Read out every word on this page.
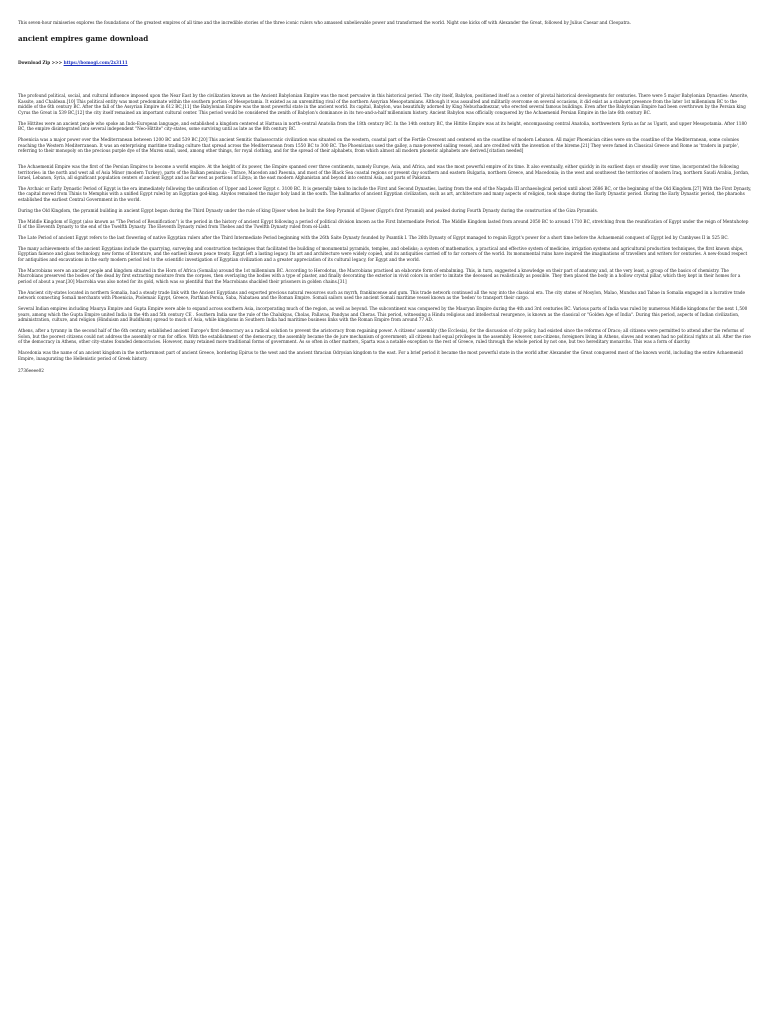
This seven-hour miniseries explores the foundations of the greatest empires of all time and the incredible stories of the three iconic rulers who amassed unbelievable power and transformed the world. Night one kicks off with Alexander the Great, followed by Julius Caesar and Cleopatra.

ancient empires game download

Download Zip >>> https://bomogi.com/2x3111

The profound political, social, and cultural influence imposed upon the Near East by the civilization known as the Ancient Babylonian Empire was the most pervasive in this historical period. The city itself, Babylon, positioned itself as a center of pivotal historical developments for centuries. There were 5 major Babylonian Dynasties: Amorite, Kassite, and Chaldean.[10] This political entity was most predominate within the southern portion of Mesopotamia. It existed as an unremitting rival of the northern Assyrian Mesopotamians. Although it was assaulted and militarily overcome on several occasions, it did exist as a stalwart presence from the later 1st millennium BC to the middle of the 6th century BC. After the fall of the Assyrian Empire in 612 BC,[11] the Babylonian Empire was the most powerful state in the ancient world. Its capital, Babylon, was beautifully adorned by King Nebuchadnezzar, who erected several famous buildings. Even after the Babylonian Empire had been overthrown by the Persian king Cyrus the Great in 539 BC,[12] the city itself remained an important cultural center. This period would be considered the zenith of Babylon's dominance in its two-and-a-half millennium history. Ancient Babylon was officially conquered by the Achaemenid Persian Empire in the late 6th century BC.

The Hittites were an ancient people who spoke an Indo-European language, and established a kingdom centered at Hattusa in north-central Anatolia from the 18th century BC. In the 14th century BC, the Hittite Empire was at its height, encompassing central Anatolia, northwestern Syria as far as Ugarit, and upper Mesopotamia. After 1180 BC, the empire disintegrated into several independent "Neo-Hittite" city-states, some surviving until as late as the 8th century BC.

Phoenicia was a major power over the Mediterranean between 1200 BC and 539 BC.[20] This ancient Semitic thalassocratic civilization was situated on the western, coastal part of the Fertile Crescent and centered on the coastline of modern Lebanon. All major Phoenician cities were on the coastline of the Mediterranean, some colonies reaching the Western Mediterranean. It was an enterprising maritime trading culture that spread across the Mediterranean from 1550 BC to 300 BC. The Phoenicians used the galley, a man-powered sailing vessel, and are credited with the invention of the bireme.[21] They were famed in Classical Greece and Rome as 'traders in purple', referring to their monopoly on the precious purple dye of the Murex snail, used, among other things, for royal clothing, and for the spread of their alphabets, from which almost all modern phonetic alphabets are derived.[citation needed]

The Achaemenid Empire was the first of the Persian Empires to become a world empire. At the height of its power, the Empire spanned over three continents, namely Europe, Asia, and Africa, and was the most powerful empire of its time. It also eventually, either quickly in its earliest days or steadily over time, incorporated the following territories: in the north and west all of Asia Minor (modern Turkey), parts of the Balkan peninsula - Thrace, Macedon and Paeonia, and most of the Black Sea coastal regions or present day southern and eastern Bulgaria, northern Greece, and Macedonia; in the west and southwest the territories of modern Iraq, northern Saudi Arabia, Jordan, Israel, Lebanon, Syria, all significant population centers of ancient Egypt and as far west as portions of Libya; in the east modern Afghanistan and beyond into central Asia, and parts of Pakistan.

The Archaic or Early Dynastic Period of Egypt is the era immediately following the unification of Upper and Lower Egypt c. 3100 BC. It is generally taken to include the First and Second Dynasties, lasting from the end of the Naqada III archaeological period until about 2686 BC, or the beginning of the Old Kingdom.[27] With the First Dynasty, the capital moved from Thinis to Memphis with a unified Egypt ruled by an Egyptian god-king. Abydos remained the major holy land in the south. The hallmarks of ancient Egyptian civilization, such as art, architecture and many aspects of religion, took shape during the Early Dynastic period. During the Early Dynastic period, the pharaohs established the earliest Central Government in the world.

During the Old Kingdom, the pyramid building in ancient Egypt began during the Third Dynasty under the rule of king Djoser when he built the Step Pyramid of Djoser (Egypt's first Pyramid) and peaked during Fourth Dynasty during the construction of the Giza Pyramids.

The Middle Kingdom of Egypt (also known as "The Period of Reunification") is the period in the history of ancient Egypt following a period of political division known as the First Intermediate Period. The Middle Kingdom lasted from around 2050 BC to around 1710 BC, stretching from the reunification of Egypt under the reign of Mentuhotep II of the Eleventh Dynasty to the end of the Twelfth Dynasty. The Eleventh Dynasty ruled from Thebes and the Twelfth Dynasty ruled from el-Lisht.

The Late Period of ancient Egypt refers to the last flowering of native Egyptian rulers after the Third Intermediate Period beginning with the 26th Saite Dynasty founded by Psamtik I. The 26th Dynasty of Egypt managed to regain Egypt's power for a short time before the Achaemenid conquest of Egypt led by Cambyses II in 525 BC.

The many achievements of the ancient Egyptians include the quarrying, surveying and construction techniques that facilitated the building of monumental pyramids, temples, and obelisks; a system of mathematics, a practical and effective system of medicine, irrigation systems and agricultural production techniques, the first known ships, Egyptian faience and glass technology, new forms of literature, and the earliest known peace treaty. Egypt left a lasting legacy. Its art and architecture were widely copied, and its antiquities carried off to far corners of the world. Its monumental ruins have inspired the imaginations of travellers and writers for centuries. A new-found respect for antiquities and excavations in the early modern period led to the scientific investigation of Egyptian civilization and a greater appreciation of its cultural legacy, for Egypt and the world.

The Macrobians were an ancient people and kingdom situated in the Horn of Africa (Somalia) around the 1st millennium BC. According to Herodotus, the Macrobians practised an elaborate form of embalming. This, in turn, suggested a knowledge on their part of anatomy and, at the very least, a group of the basics of chemistry. The Macrobians preserved the bodies of the dead by first extracting moisture from the corpses, then overlaying the bodies with a type of plaster, and finally decorating the exterior in vivid colors in order to imitate the deceased as realistically as possible. They then placed the body in a hollow crystal pillar, which they kept in their homes for a period of about a year.[30] Macrobia was also noted for its gold, which was so plentiful that the Macrobians shackled their prisoners in golden chains.[31]

The Ancient city-states located in northern Somalia, had a steady trade link with the Ancient Egyptians and exported precious natural resources such as myrrh, frankincense and gum. This trade network continued all the way into the classical era. The city states of Mosylon, Malao, Mundus and Tabae in Somalia engaged in a lucrative trade network connecting Somali merchants with Phoenicia, Ptolemaic Egypt, Greece, Parthian Persia, Saba, Nabataea and the Roman Empire. Somali sailors used the ancient Somali maritime vessel known as the 'beden' to transport their cargo.

Several Indian empires including Maurya Empire and Gupta Empire were able to expand across southern Asia, incorporating much of the region, as well as beyond. The subcontinent was conquered by the Mauryan Empire during the 4th and 3rd centuries BC. Various parts of India was ruled by numerous Middle kingdoms for the next 1,500 years, among which the Gupta Empire united India in the 4th and 5th century CE . Southern India saw the rule of the Chalukyas, Cholas, Pallavas, Pandyas and Cheras. This period, witnessing a Hindu religious and intellectual resurgence, is known as the classical or "Golden Age of India". During this period, aspects of Indian civilization, administration, culture, and religion (Hinduism and Buddhism) spread to much of Asia, while kingdoms in Southern India had maritime business links with the Roman Empire from around 77 AD.

Athens, after a tyranny in the second half of the 6th century, established ancient Europe's first democracy as a radical solution to prevent the aristocracy from regaining power. A citizens' assembly (the Ecclesia), for the discussion of city policy, had existed since the reforms of Draco; all citizens were permitted to attend after the reforms of Solon, but the poorest citizens could not address the assembly or run for office. With the establishment of the democracy, the assembly became the de jure mechanism of government; all citizens had equal privileges in the assembly. However, non-citizens, foreigners living in Athens, slaves and women had no political rights at all. After the rise of the democracy in Athens, other city-states founded democracies. However, many retained more traditional forms of government. As so often in other matters, Sparta was a notable exception to the rest of Greece, ruled through the whole period by not one, but two hereditary monarchs. This was a form of diarchy.

Macedonia was the name of an ancient kingdom in the northernmost part of ancient Greece, bordering Epirus to the west and the ancient thracian Odrysian kingdom to the east. For a brief period it became the most powerful state in the world after Alexander the Great conquered most of the known world, including the entire Achaemenid Empire, inaugurating the Hellenistic period of Greek history.

2736eeee02
